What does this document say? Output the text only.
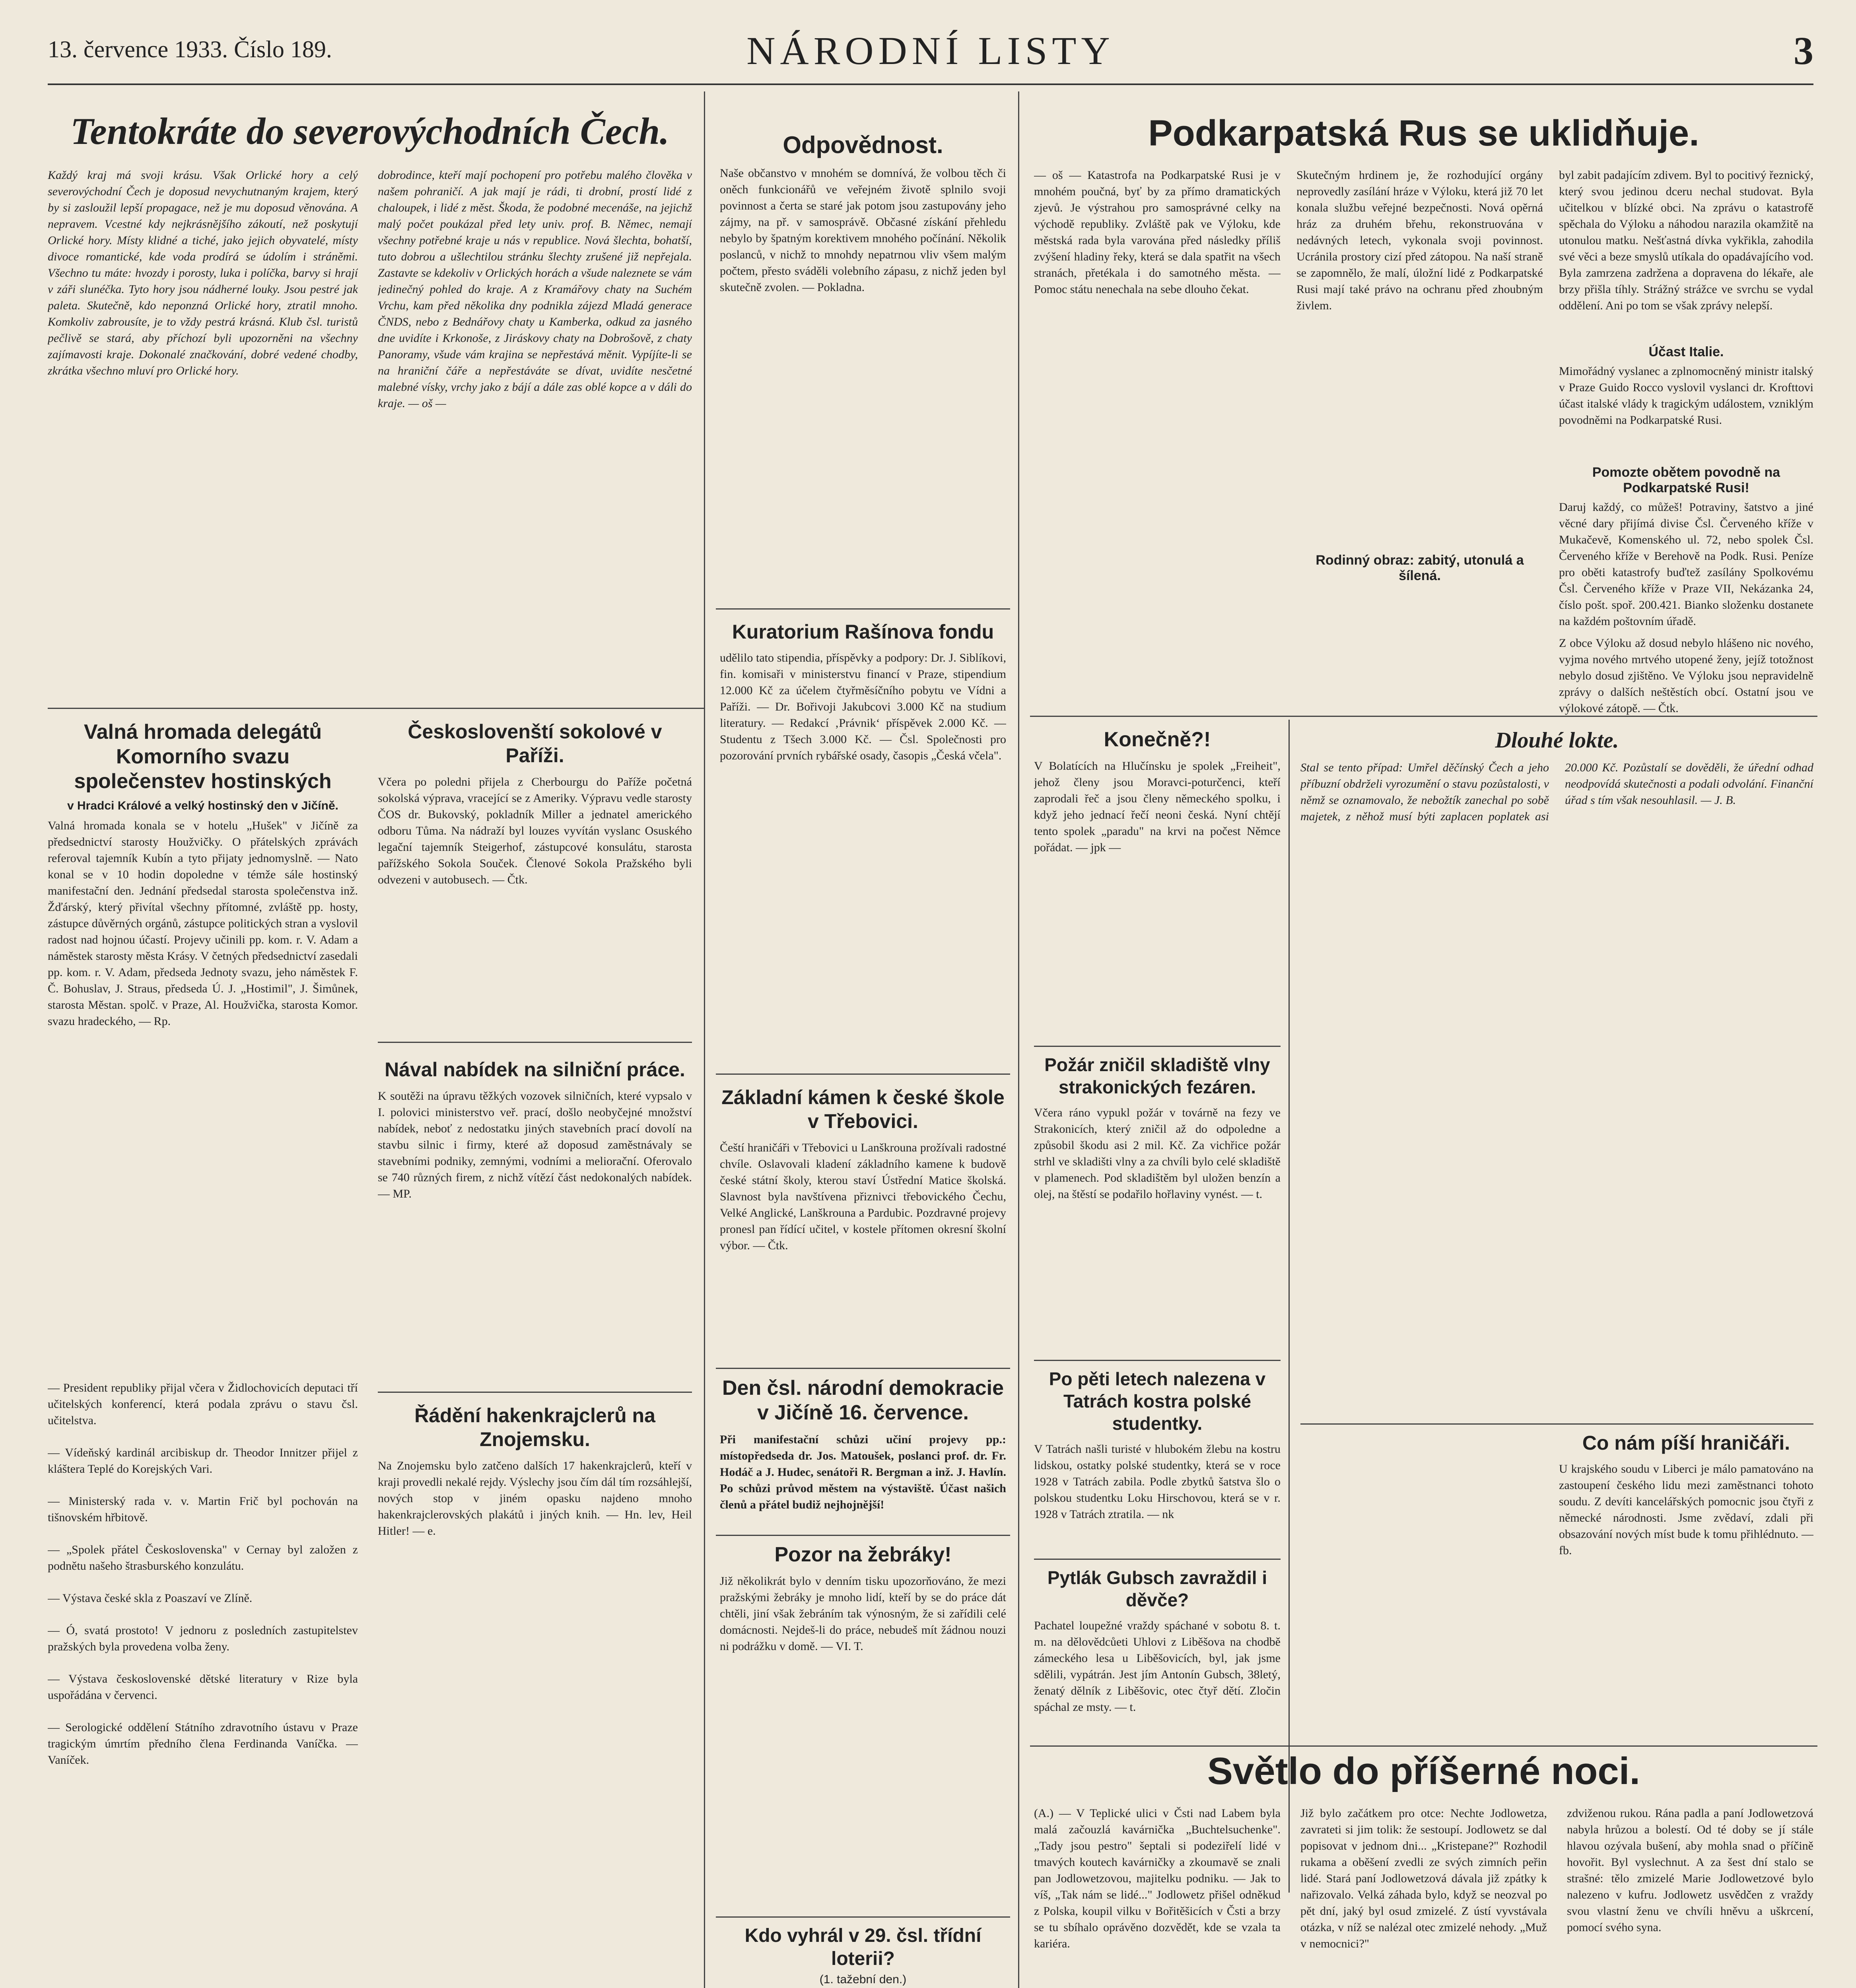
13. července 1933. Číslo 189.	NÁRODNÍ LISTY	3
Tentokráte do severovýchodních Čech.
Každý kraj má svoji krásu. Však Orlické hory a celý severovýchodní Čech je doposud nevychutnaným krajem, který by si zasloužil lepší propagace, než je mu doposud věnována. A nepravem. Vcestné kdy nejkrásnějšího zákoutí, než poskytují Orlické hory. Místy klidné a tiché, jako jejich obyvatelé, místy divoce romantické, kde voda prodírá se údolím i stráněmi. Všechno tu máte: hvozdy i porosty, luka i políčka, barvy si hrají v záři slunéčka. Tyto hory jsou nádherné louky. Jsou pestré jak paleta. Skutečně, kdo neponzná Orlické hory, ztratil mnoho. Komkoliv zabrousíte, je to vždy pestrá krásná. Klub čsl. turistů pečlivě se stará, aby příchozí byli upozorněni na všechny zajímavosti kraje. Dokonalé značkování, dobré vedené chodby, zkrátka všechno mluví pro Orlické hory.
dobrodince, kteří mají pochopení pro potřebu malého člověka v našem pohraničí. A jak mají je rádi, ti drobní, prostí lidé z chaloupek, i lidé z měst. Škoda, že podobné mecenáše, na jejichž malý počet poukázal před lety univ. prof. B. Němec, nemají všechny potřebné kraje u nás v republice. Nová šlechta, bohatší, tuto dobrou a ušlechtilou stránku šlechty zrušené již nepřejala. Zastavte se kdekoliv v Orlických horách a všude naleznete se vám jedinečný pohled do kraje. A z Kramářovy chaty na Suchém Vrchu, kam před několika dny podnikla zájezd Mladá generace ČNDS, nebo z Bednářovy chaty u Kamberka, odkud za jasného dne uvidíte i Krkonoše, z Jiráskovy chaty na Dobrošově, z chaty Panoramy, všude vám krajina se nepřestává měnit. Vypíjíte-li se na hraniční čáře a nepřestáváte se dívat, uvidíte nesčetné malebné vísky, vrchy jako z bájí a dále zas oblé kopce a v dáli do kraje. — oš —
Valná hromada delegátů Komorního svazu společenstev hostinských
v Hradci Králové a velký hostinský den v Jičíně.
Valná hromada konala se v hotelu „Hušek" v Jičíně za předsednictví starosty Houžvičky. O přátelských zprávách referoval tajemník Kubín a tyto přijaty jednomyslně. — Nato konal se v 10 hodin dopoledne v témže sále hostinský manifestační den. Jednání předsedal starosta společenstva inž. Žďárský, který přivítal všechny přítomné, zvláště pp. hosty, zástupce důvěrných orgánů, zástupce politických stran a vyslovil radost nad hojnou účastí. Projevy učinili pp. kom. r. V. Adam a náměstek starosty města Krásy. V četných předsednictví zasedali pp. kom. r. V. Adam, předseda Jednoty svazu, jeho náměstek F. Č. Bohuslav, J. Straus, předseda Ú. J. „Hostimil", J. Šimůnek, starosta Městan. spolč. v Praze, Al. Houžvička, starosta Komor. svazu hradeckého, — Rp.
— President republiky přijal včera v Židlochovicích deputaci tří učitelských konferencí, která podala zprávu o stavu čsl. učitelstva.
— Vídeňský kardinál arcibiskup dr. Theodor Innitzer přijel z kláštera Teplé do Korejských Vari.
— Ministerský rada v. v. Martin Frič byl pochován na tišnovském hřbitově.
— „Spolek přátel Československa" v Cernay byl založen z podnětu našeho štrasburského konzulátu.
— Výstava české skla z Poaszaví ve Zlíně.
— Ó, svatá prostoto! V jednoru z posledních zastupitelstev pražských byla provedena volba ženy.
— Výstava československé dětské literatury v Rize byla uspořádána v červenci.
— Serologické oddělení Státního zdravotního ústavu v Praze tragickým úmrtím předního člena Ferdinanda Vaníčka. — Vaníček.
Českoslovenští sokolové v Paříži.
Včera po poledni přijela z Cherbourgu do Paříže početná sokolská výprava, vracející se z Ameriky. Výpravu vedle starosty ČOS dr. Bukovský, pokladník Miller a jednatel amerického odboru Tůma. Na nádraží byl louzes vyvítán vyslanc Osuského legační tajemník Steigerhof, zástupcové konsulátu, starosta pařížského Sokola Souček. Členové Sokola Pražského byli odvezeni v autobusech. — Čtk.
Nával nabídek na silniční práce.
K soutěži na úpravu těžkých vozovek silničních, které vypsalo v I. polovici ministerstvo veř. prací, došlo neobyčejné množství nabídek, neboť z nedostatku jiných stavebních prací dovolí na stavbu silnic i firmy, které až doposud zaměstnávaly se stavebními podniky, zemnými, vodními a meliorační. Oferovalo se 740 různých firem, z nichž vítězí část nedokonalých nabídek. — MP.
Řádění hakenkrajclerů na Znojemsku.
Na Znojemsku bylo zatčeno dalších 17 hakenkrajclerů, kteří v kraji provedli nekalé rejdy. Výslechy jsou čím dál tím rozsáhlejší, nových stop v jiném opasku najdeno mnoho hakenkrajclerovských plakátů i jiných knih. — Hn. lev, Heil Hitler! — e.
Odpovědnost.
Naše občanstvo v mnohém se domnívá, že volbou těch či oněch funkcionářů ve veřejném životě splnilo svoji povinnost a čerta se staré jak potom jsou zastupovány jeho zájmy, na př. v samosprávě. Občasné získání přehledu nebylo by špatným korektivem mnohého počínání. Několik poslanců, v nichž to mnohdy nepatrnou vliv všem malým počtem, přesto sváděli volebního zápasu, z nichž jeden byl skutečně zvolen. — Pokladna.
Kuratorium Rašínova fondu
udělilo tato stipendia, příspěvky a podpory: Dr. J. Siblíkovi, fin. komisaři v ministerstvu financí v Praze, stipendium 12.000 Kč za účelem čtyřměsíčního pobytu ve Vídni a Paříži. — Dr. Bořivoji Jakubcovi 3.000 Kč na studium literatury. — Redakcí ‚Právnik‘ příspěvek 2.000 Kč. — Studentu z Tšech 3.000 Kč. — Čsl. Společnosti pro pozorování prvních rybářské osady, časopis „Česká včela".
Základní kámen k české škole v Třebovici.
Čeští hraničáři v Třebovici u Lanškrouna prožívali radostné chvíle. Oslavovali kladení základního kamene k budově české státní školy, kterou staví Ústřední Matice školská. Slavnost byla navštívena přiznivci třebovického Čechu, Velké Anglické, Lanškrouna a Pardubic. Pozdravné projevy pronesl pan řídící učitel, v kostele přítomen okresní školní výbor. — Čtk.
Den čsl. národní demokracie v Jičíně 16. července.
Při manifestační schůzi učiní projevy pp.: místopředseda dr. Jos. Matoušek, poslanci prof. dr. Fr. Hodáč a J. Hudec, senátoři R. Bergman a inž. J. Havlín. Po schůzi průvod městem na výstaviště. Účast našich členů a přátel budiž nejhojnější!
Pozor na žebráky!
Již několikrát bylo v denním tisku upozorňováno, že mezi pražskými žebráky je mnoho lidí, kteří by se do práce dát chtěli, jiní však žebráním tak výnosným, že si zařídili celé domácnosti. Nejdeš-li do práce, nebudeš mít žádnou nouzi ni podrážku v domě. — VI. T.
Kdo vyhrál v 29. čsl. třídní loterii?
(1. tažební den.)
Podkarpatská Rus se uklidňuje.
— oš — Katastrofa na Podkarpatské Rusi je v mnohém poučná, byť by za přímo dramatických zjevů. Je výstrahou pro samosprávné celky na východě republiky. Zvláště pak ve Výloku, kde městská rada byla varována před následky příliš zvýšení hladiny řeky, která se dala spatřit na všech stranách, přetékala i do samotného města. — Pomoc státu nenechala na sebe dlouho čekat.
Skutečným hrdinem je, že rozhodující orgány neprovedly zasílání hráze v Výloku, která již 70 let konala službu veřejné bezpečnosti. Nová opěrná hráz za druhém břehu, rekonstruována v nedávných letech, vykonala svoji povinnost. Ucránila prostory cizí před zátopou. Na naší straně se zapomnělo, že malí, úložní lidé z Podkarpatské Rusi mají také právo na ochranu před zhoubným živlem.
Rodinný obraz: zabitý, utonulá a šílená.
byl zabit padajícím zdivem. Byl to pocitivý řeznický, který svou jedinou dceru nechal studovat. Byla učitelkou v blízké obci. Na zprávu o katastrofě spěchala do Výloku a náhodou narazila okamžitě na utonulou matku. Nešťastná dívka vykřikla, zahodila své věci a beze smyslů utíkala do opadávajícího vod. Byla zamrzena zadržena a dopravena do lékaře, ale brzy přišla tíhly. Strážný strážce ve svrchu se vydal oddělení. Ani po tom se však zprávy nelepší.
Účast Italie.
Mimořádný vyslanec a zplnomocněný ministr italský v Praze Guido Rocco vyslovil vyslanci dr. Krofttovi účast italské vlády k tragickým událostem, vzniklým povodněmi na Podkarpatské Rusi.
Pomozte obětem povodně na Podkarpatské Rusi!
Daruj každý, co můžeš! Potraviny, šatstvo a jiné věcné dary přijímá divise Čsl. Červeného kříže v Mukačevě, Komenského ul. 72, nebo spolek Čsl. Červeného kříže v Berehově na Podk. Rusi. Peníze pro oběti katastrofy buďtež zasílány Spolkovému Čsl. Červeného kříže v Praze VII, Nekázanka 24, číslo pošt. spoř. 200.421. Bianko složenku dostanete na každém poštovním úřadě.
Z obce Výloku až dosud nebylo hlášeno nic nového, vyjma nového mrtvého utopené ženy, jejíž totožnost nebylo dosud zjištěno. Ve Výloku jsou nepravidelně zprávy o dalších neštěstích obcí. Ostatní jsou ve výlokové zátopě. — Čtk.
Konečně?!
V Bolatících na Hlučínsku je spolek „Freiheit", jehož členy jsou Moravci-poturčenci, kteří zaprodali řeč a jsou členy německého spolku, i když jeho jednací řečí neoni česká. Nyní chtějí tento spolek „paradu" na krvi na počest Němce pořádat. — jpk —
Požár zničil skladiště vlny strakonických fezáren.
Včera ráno vypukl požár v továrně na fezy ve Strakonicích, který zničil až do odpoledne a způsobil škodu asi 2 mil. Kč. Za vichřice požár strhl ve skladišti vlny a za chvíli bylo celé skladiště v plamenech. Pod skladištěm byl uložen benzín a olej, na štěstí se podařilo hořlaviny vynést. — t.
Po pěti letech nalezena v Tatrách kostra polské studentky.
V Tatrách našli turisté v hlubokém žlebu na kostru lidskou, ostatky polské studentky, která se v roce 1928 v Tatrách zabila. Podle zbytků šatstva šlo o polskou studentku Loku Hirschovou, která se v r. 1928 v Tatrách ztratila. — nk
Pytlák Gubsch zavraždil i děvče?
Pachatel loupežné vraždy spáchané v sobotu 8. t. m. na dělovědcůeti Uhlovi z Liběšova na chodbě zámeckého lesa u Liběšovicích, byl, jak jsme sdělili, vypátrán. Jest jím Antonín Gubsch, 38letý, ženatý dělník z Liběšovic, otec čtyř dětí. Zločin spáchal ze msty. — t.
Dlouhé lokte.
Stal se tento případ: Umřel děčínský Čech a jeho příbuzní obdrželi vyrozumění o stavu pozůstalosti, v němž se oznamovalo, že nebožtík zanechal po sobě majetek, z něhož musí býti zaplacen poplatek asi 20.000 Kč. Pozůstalí se dověděli, že úřední odhad neodpovídá skutečnosti a podali odvolání. Finanční úřad s tím však nesouhlasil. — J. B.
Co nám píší hraničáři.
U krajského soudu v Liberci je málo pamatováno na zastoupení českého lidu mezi zaměstnanci tohoto soudu. Z devíti kancelářských pomocnic jsou čtyři z německé národnosti. Jsme zvědaví, zdali při obsazování nových míst bude k tomu přihlédnuto. — fb.
Světlo do příšerné noci.
(A.) — V Teplické ulici v Čsti nad Labem byla malá začouzlá kavárnička „Buchtelsuchenke". „Tady jsou pestro" šeptali si podeziřelí lidé v tmavých koutech kavárničky a zkoumavě se znali pan Jodlowetzovou, majitelku podniku. — Jak to víš, „Tak nám se lidé..." Jodlowetz přišel odněkud z Polska, koupil vilku v Bořitěšicích v Čsti a brzy se tu sbíhalo oprávěno dozvědět, kde se vzala ta kariéra.
Již bylo začátkem pro otce: Nechte Jodlowetza, zavrateti si jim tolik: že sestoupí. Jodlowetz se dal popisovat v jednom dni... „Kristepane?" Rozhodil rukama a oběšení zvedli ze svých zimních peřin lidé. Stará paní Jodlowetzová dávala již zpátky k nařizovalo. Velká záhada bylo, když se neozval po pět dní, jaký byl osud zmizelé. Z ústí vyvstávala otázka, v níž se nalézal otec zmizelé nehody. „Muž v nemocnici?"
zdviženou rukou. Rána padla a paní Jodlowetzová nabyla hrůzou a bolestí. Od té doby se jí stále hlavou ozývala bušení, aby mohla snad o příčině hovořit. Byl vyslechnut. A za šest dní stalo se strašné: tělo zmizelé Marie Jodlowetzové bylo nalezeno v kufru. Jodlowetz usvědčen z vraždy svou vlastní ženu ve chvíli hněvu a uškrcení, pomocí svého syna.
